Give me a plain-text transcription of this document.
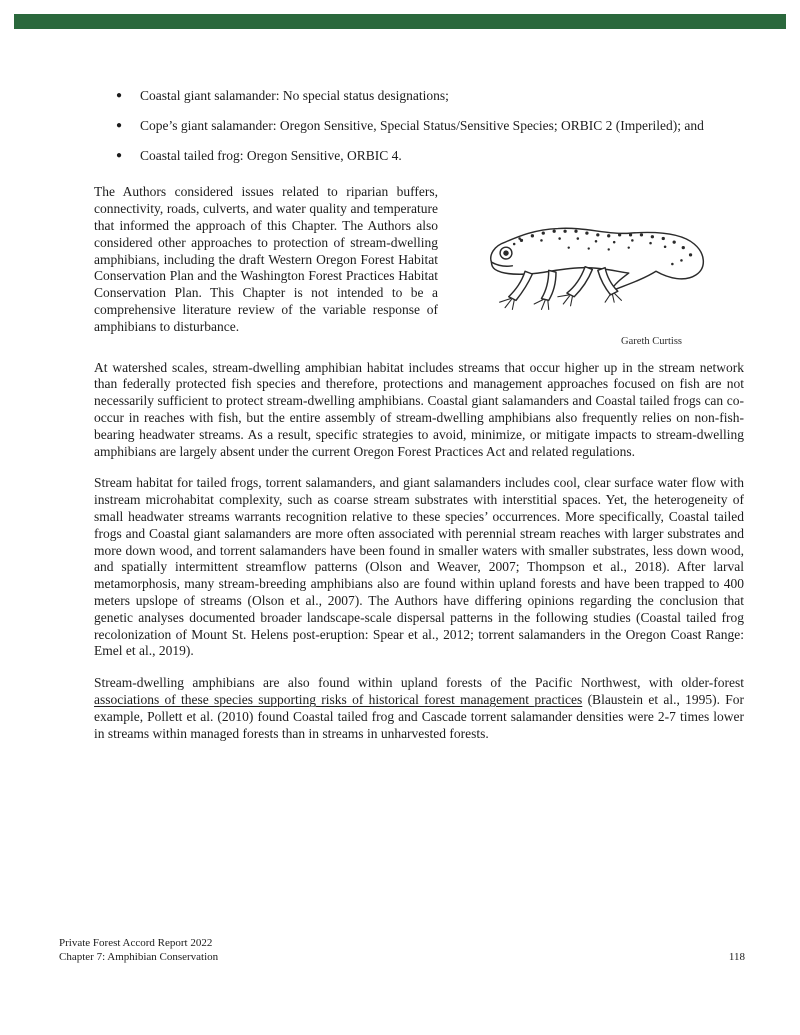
● Coastal giant salamander: No special status designations;
● Cope’s giant salamander: Oregon Sensitive, Special Status/Sensitive Species; ORBIC 2 (Imperiled); and
● Coastal tailed frog: Oregon Sensitive, ORBIC 4.
Gareth Curtiss

The Authors considered issues related to riparian buffers, connectivity, roads, culverts, and water quality and temperature that informed the approach of this Chapter. The Authors also considered other approaches to protection of stream-dwelling amphibians, including the draft Western Oregon Forest Habitat Conservation Plan and the Washington Forest Practices Habitat Conservation Plan. This Chapter is not intended to be a comprehensive literature review of the variable response of amphibians to disturbance.

At watershed scales, stream-dwelling amphibian habitat includes streams that occur higher up in the stream network than federally protected fish species and therefore, protections and management approaches focused on fish are not necessarily sufficient to protect stream-dwelling amphibians. Coastal giant salamanders and Coastal tailed frogs can co-occur in reaches with fish, but the entire assembly of stream-dwelling amphibians also frequently relies on non-fish-bearing headwater streams. As a result, specific strategies to avoid, minimize, or mitigate impacts to stream-dwelling amphibians are largely absent under the current Oregon Forest Practices Act and related regulations.

Stream habitat for tailed frogs, torrent salamanders, and giant salamanders includes cool, clear surface water flow with instream microhabitat complexity, such as coarse stream substrates with interstitial spaces. Yet, the heterogeneity of small headwater streams warrants recognition relative to these species’ occurrences. More specifically, Coastal tailed frogs and Coastal giant salamanders are more often associated with perennial stream reaches with larger substrates and more down wood, and torrent salamanders have been found in smaller waters with smaller substrates, less down wood, and spatially intermittent streamflow patterns (Olson and Weaver, 2007; Thompson et al., 2018). After larval metamorphosis, many stream-breeding amphibians also are found within upland forests and have been trapped to 400 meters upslope of streams (Olson et al., 2007). The Authors have differing opinions regarding the conclusion that genetic analyses documented broader landscape-scale dispersal patterns in the following studies (Coastal tailed frog recolonization of Mount St. Helens post-eruption: Spear et al., 2012; torrent salamanders in the Oregon Coast Range: Emel et al., 2019).

Stream-dwelling amphibians are also found within upland forests of the Pacific Northwest, with older-forest associations of these species supporting risks of historical forest management practices (Blaustein et al., 1995). For example, Pollett et al. (2010) found Coastal tailed frog and Cascade torrent salamander densities were 2-7 times lower in streams within managed forests than in streams in unharvested forests.

Private Forest Accord Report 2022
Chapter 7: Amphibian Conservation	118
